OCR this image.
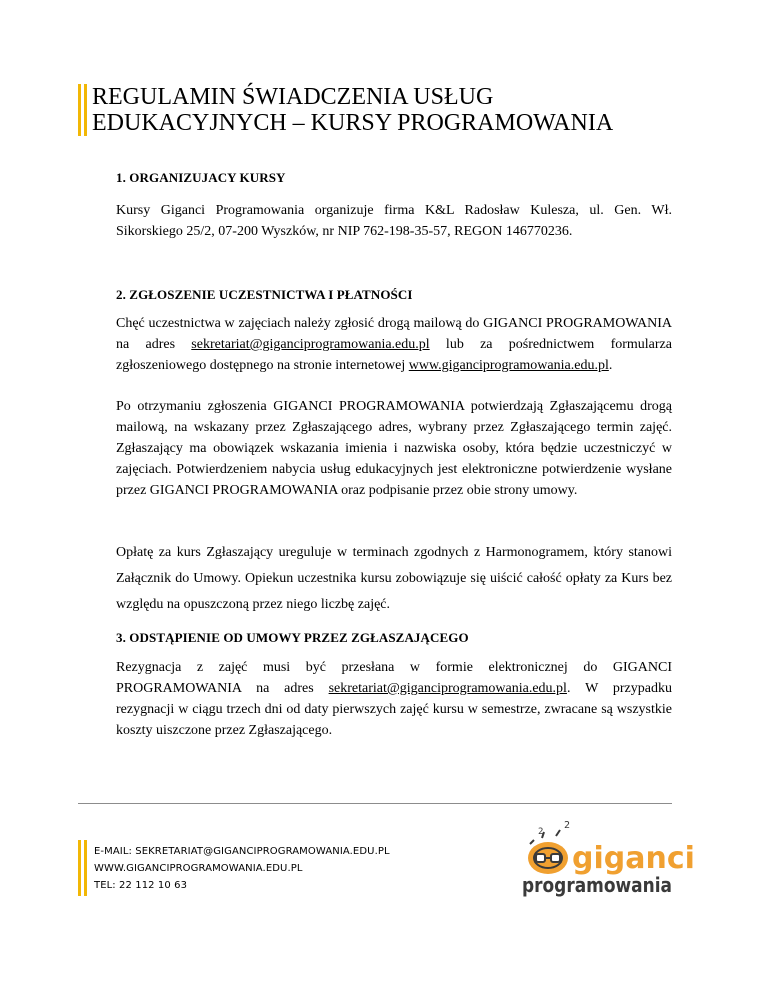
REGULAMIN ŚWIADCZENIA USŁUG
EDUKACYJNYCH – KURSY PROGRAMOWANIA
1. ORGANIZUJACY KURSY

Kursy Giganci Programowania organizuje firma K&L Radosław Kulesza, ul. Gen. Wł. Sikorskiego 25/2, 07-200 Wyszków, nr NIP 762-198-35-57, REGON 146770236.

2. ZGŁOSZENIE UCZESTNICTWA I PŁATNOŚCI

Chęć uczestnictwa w zajęciach należy zgłosić drogą mailową do GIGANCI PROGRAMOWANIA na adres sekretariat@giganciprogramowania.edu.pl lub za pośrednictwem formularza zgłoszeniowego dostępnego na stronie internetowej www.giganciprogramowania.edu.pl.

Po otrzymaniu zgłoszenia GIGANCI PROGRAMOWANIA potwierdzają Zgłaszającemu drogą mailową, na wskazany przez Zgłaszającego adres, wybrany przez Zgłaszającego termin zajęć. Zgłaszający ma obowiązek wskazania imienia i nazwiska osoby, która będzie uczestniczyć w zajęciach. Potwierdzeniem nabycia usług edukacyjnych jest elektroniczne potwierdzenie wysłane przez GIGANCI PROGRAMOWANIA oraz podpisanie przez obie strony umowy.

Opłatę za kurs Zgłaszający ureguluje w terminach zgodnych z Harmonogramem, który stanowi Załącznik do Umowy. Opiekun uczestnika kursu zobowiązuje się uiścić całość opłaty za Kurs bez względu na opuszczoną przez niego liczbę zajęć.

3. ODSTĄPIENIE OD UMOWY PRZEZ ZGŁASZAJĄCEGO

Rezygnacja z zajęć musi być przesłana w formie elektronicznej do GIGANCI PROGRAMOWANIA na adres sekretariat@giganciprogramowania.edu.pl. W przypadku rezygnacji w ciągu trzech dni od daty pierwszych zajęć kursu w semestrze, zwracane są wszystkie koszty uiszczone przez Zgłaszającego.

E-MAIL: SEKRETARIAT@GIGANCIPROGRAMOWANIA.EDU.PL
WWW.GIGANCIPROGRAMOWANIA.EDU.PL
TEL: 22 112 10 63
2
2
giganci
programowania
